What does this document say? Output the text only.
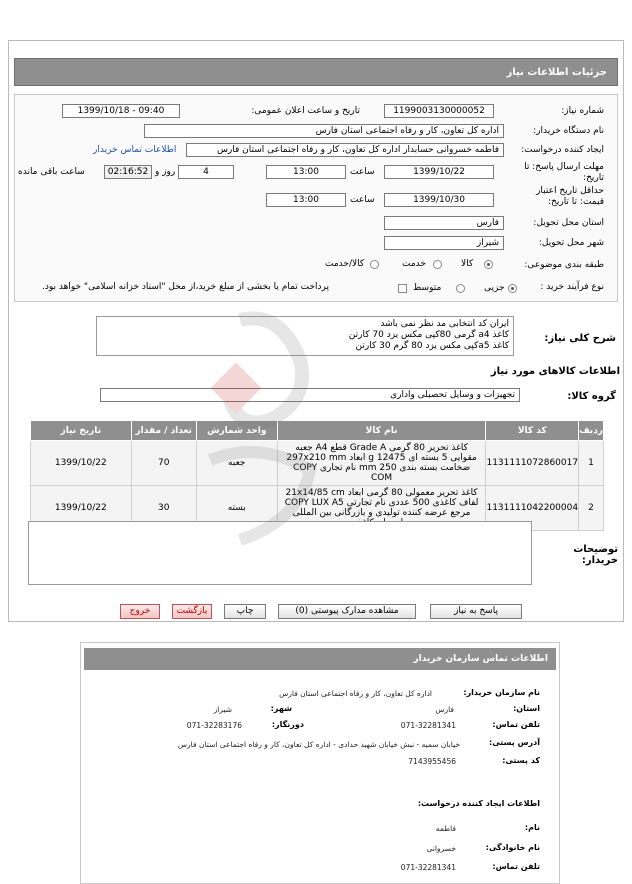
جزئیات اطلاعات نیاز
شماره نیاز:
1199003130000052
تاریخ و ساعت اعلان عمومی:
1399/10/18 - 09:40
نام دستگاه خریدار:
اداره کل تعاون، کار و رفاه اجتماعی استان فارس
ایجاد کننده درخواست:
فاطمه خسروانی حسابدار اداره کل تعاون، کار و رفاه اجتماعی استان فارس
اطلاعات تماس خریدار
مهلت ارسال پاسخ: تا تاریخ:
1399/10/22
ساعت
13:00
4
روز و
02:16:52
ساعت باقی مانده
حداقل تاریخ اعتبار قیمت: تا تاریخ:
1399/10/30
ساعت
13:00
استان محل تحویل:
فارس
شهر محل تحویل:
شیراز
طبقه بندی موضوعی:
کالا
خدمت
کالا/خدمت
نوع فرآیند خرید :
جزیی
متوسط
پرداخت تمام یا بخشی از مبلغ خرید،از محل "اسناد خزانه اسلامی" خواهد بود.
شرح کلی نیاز:
ایران کد انتخابی مد نظر نمی باشد
کاغذ a4 گرمی 80کپی مکس یزد 70 کارتن
کاغذ a5کپی مکس یزد 80 گرم 30 کارتن
اطلاعات کالاهای مورد نیاز
گروه کالا:
تجهیزات و وسایل تحصیلی واداری
ردیف	کد کالا	نام کالا	واحد شمارش	تعداد / مقدار	تاریخ نیاز
1	1131111072860017	کاغذ تحریر 80 گرمی Grade A قطع A4 جعبه مقوایی 5 بسته ای 12475 g ابعاد 297x210 mm ضخامت بسته بندی 250 mm نام تجاری COPY COM	جعبه	70	1399/10/22
2	1131111042200004	کاغذ تحریر معمولی 80 گرمی ابعاد 21x14/85 cm لفاف کاغذی 500 عددی نام تجارتی COPY LUX A5 مرجع عرضه کننده تولیدی و بازرگانی بین المللی	بسته	30	1399/10/22
توضیحات خریدار:
پاسخ به نیاز
مشاهده مدارک پیوستی (0)
چاپ
بازگشت
خروج
اطلاعات تماس سازمان خریدار
نام سازمان خریدار:
اداره کل تعاون، کار و رفاه اجتماعی استان فارس
استان:
فارس
شهر:
شیراز
تلفن تماس:
071-32281341
دورنگار:
071-32283176
آدرس پستی:
خیابان سمیه - نبش خیابان شهید حدادی - اداره کل تعاون، کار و رفاه اجتماعی استان فارس
کد پستی:
7143955456
اطلاعات ایجاد کننده درخواست:
نام:
فاطمه
نام خانوادگی:
خسروانی
تلفن تماس:
071-32281341
